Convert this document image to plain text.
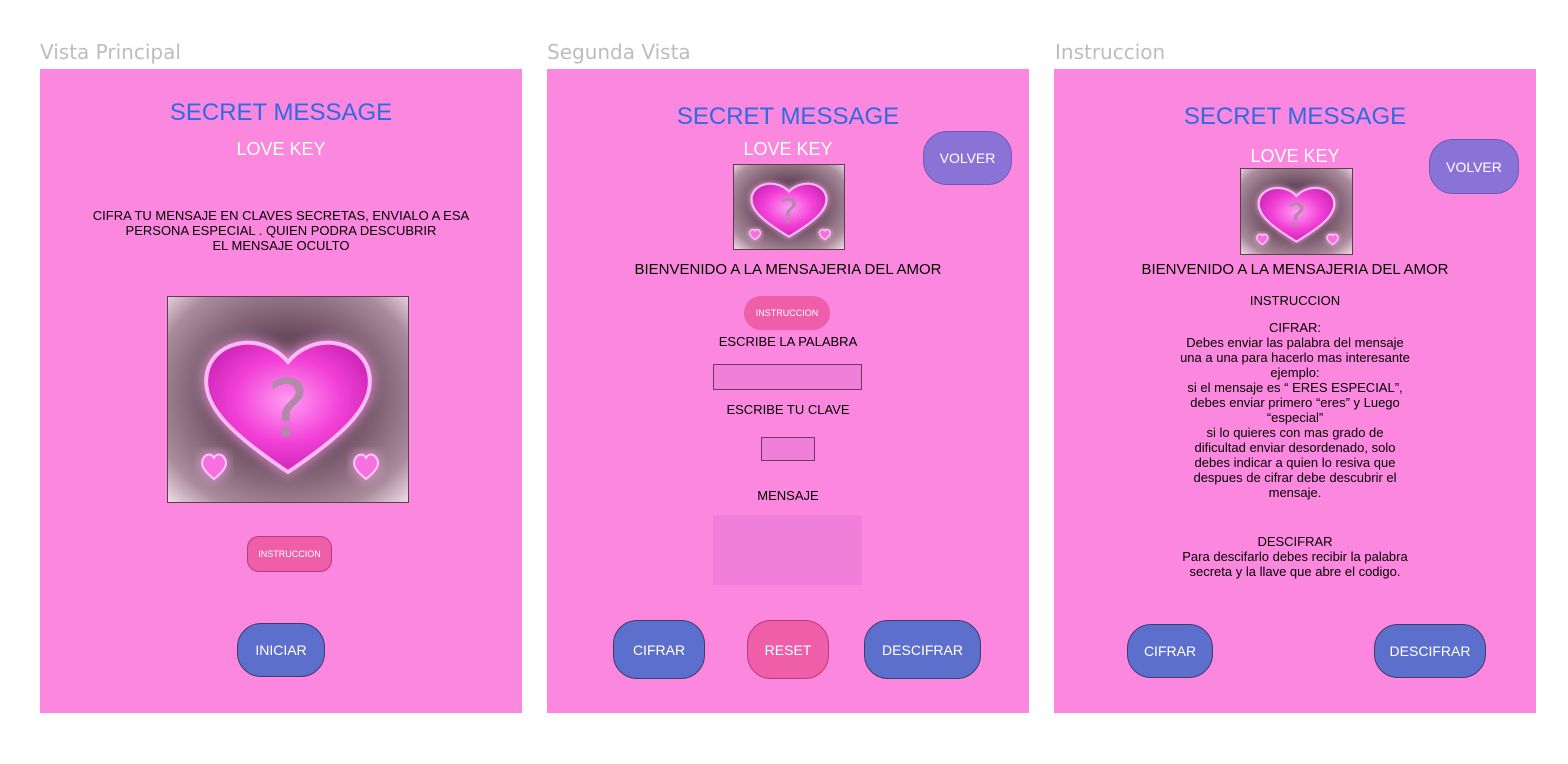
Vista Principal
SECRET MESSAGE
LOVE KEY
CIFRA TU MENSAJE EN CLAVES SECRETAS, ENVIALO A ESA
PERSONA ESPECIAL . QUIEN PODRA DESCUBRIR
EL MENSAJE OCULTO
?
INSTRUCCION
INICIAR
Segunda Vista
SECRET MESSAGE
LOVE KEY	VOLVER
?
BIENVENIDO A LA MENSAJERIA DEL AMOR
INSTRUCCION
ESCRIBE LA PALABRA
ESCRIBE TU CLAVE
MENSAJE
CIFRAR	RESET	DESCIFRAR
Instruccion
SECRET MESSAGE
LOVE KEY
VOLVER
?
BIENVENIDO A LA MENSAJERIA DEL AMOR
INSTRUCCION
CIFRAR:
Debes enviar las palabra del mensaje
una a una para hacerlo mas interesante
ejemplo:
si el mensaje es “ ERES ESPECIAL”,
debes enviar primero “eres” y Luego
“especial”
si lo quieres con mas grado de
dificultad enviar desordenado, solo
debes indicar a quien lo resiva que
despues de cifrar debe descubrir el
mensaje.
DESCIFRAR
Para descifarlo debes recibir la palabra
secreta y la llave que abre el codigo.
CIFRAR	DESCIFRAR
